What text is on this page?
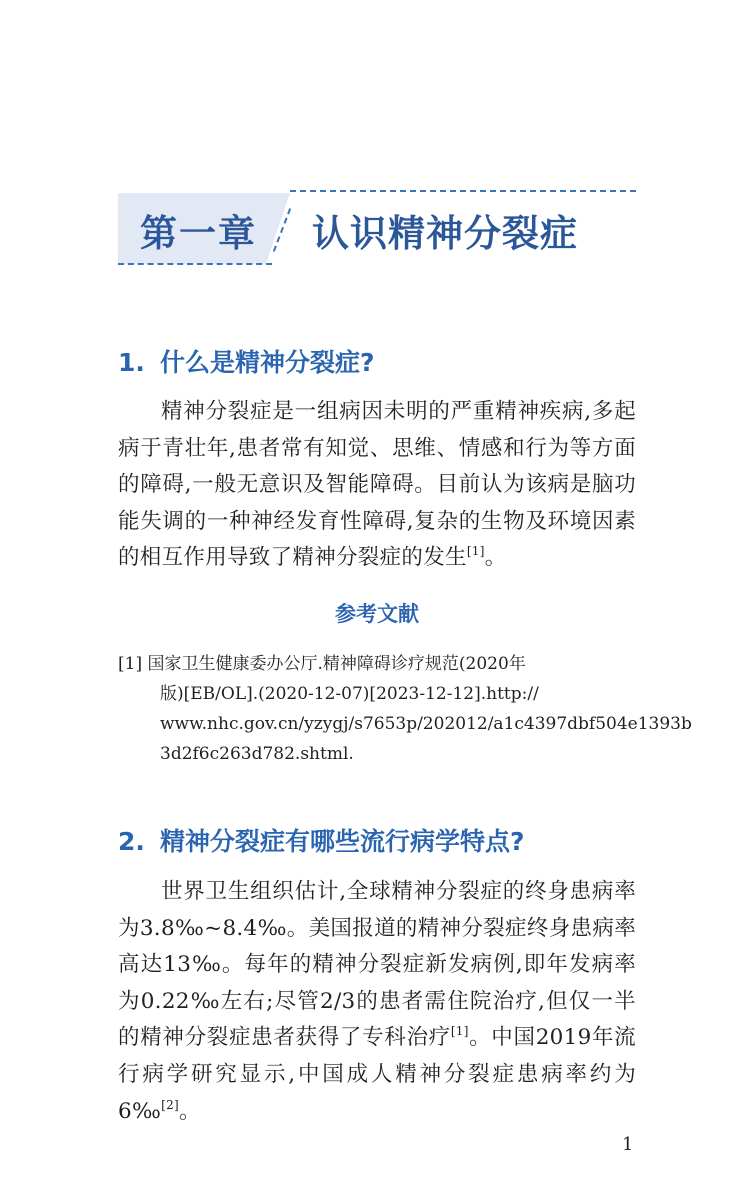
第一章 认识精神分裂症
1. 什么是精神分裂症?
精神分裂症是一组病因未明的严重精神疾病,多起病于青壮年,患者常有知觉、思维、情感和行为等方面的障碍,一般无意识及智能障碍。目前认为该病是脑功能失调的一种神经发育性障碍,复杂的生物及环境因素的相互作用导致了精神分裂症的发生[1]。
参考文献
[1] 国家卫生健康委办公厅.精神障碍诊疗规范(2020年
版)[EB/OL].(2020-12-07)[2023-12-12].http://
www.nhc.gov.cn/yzygj/s7653p/202012/a1c4397dbf504e1393b
3d2f6c263d782.shtml.
2. 精神分裂症有哪些流行病学特点?
世界卫生组织估计,全球精神分裂症的终身患病率为3.8‰~8.4‰。美国报道的精神分裂症终身患病率高达13‰。每年的精神分裂症新发病例,即年发病率为0.22‰左右;尽管2/3的患者需住院治疗,但仅一半的精神分裂症患者获得了专科治疗[1]。中国2019年流行病学研究显示,中国成人精神分裂症患病率约为6‰[2]。
1
